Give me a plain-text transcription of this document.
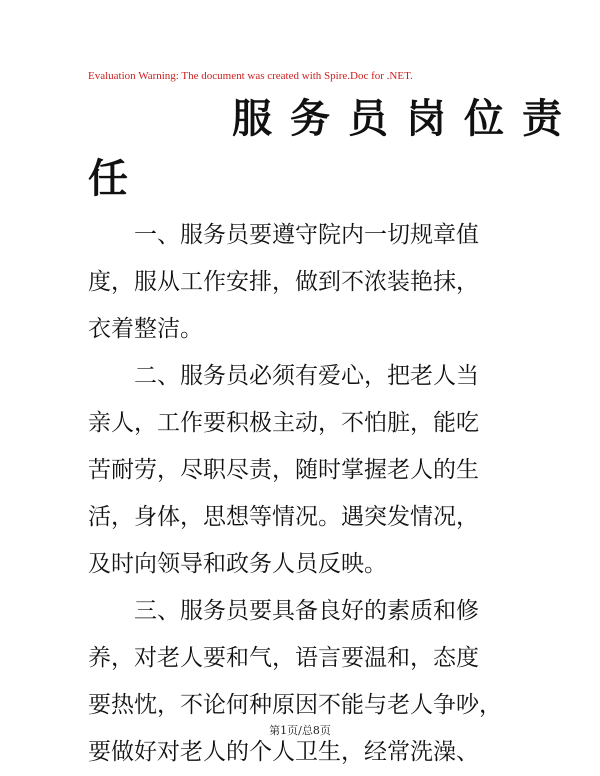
Evaluation Warning: The document was created with Spire.Doc for .NET.
服务员岗位责
任
一、服务员要遵守院内一切规章值
度，服从工作安排，做到不浓装艳抹，
衣着整洁。
二、服务员必须有爱心，把老人当
亲人，工作要积极主动，不怕脏，能吃
苦耐劳，尽职尽责，随时掌握老人的生
活，身体，思想等情况。遇突发情况，
及时向领导和政务人员反映。
三、服务员要具备良好的素质和修
养，对老人要和气，语言要温和，态度
要热忱，不论何种原因不能与老人争吵，
要做好对老人的个人卫生，经常洗澡、
第1页/总8页
